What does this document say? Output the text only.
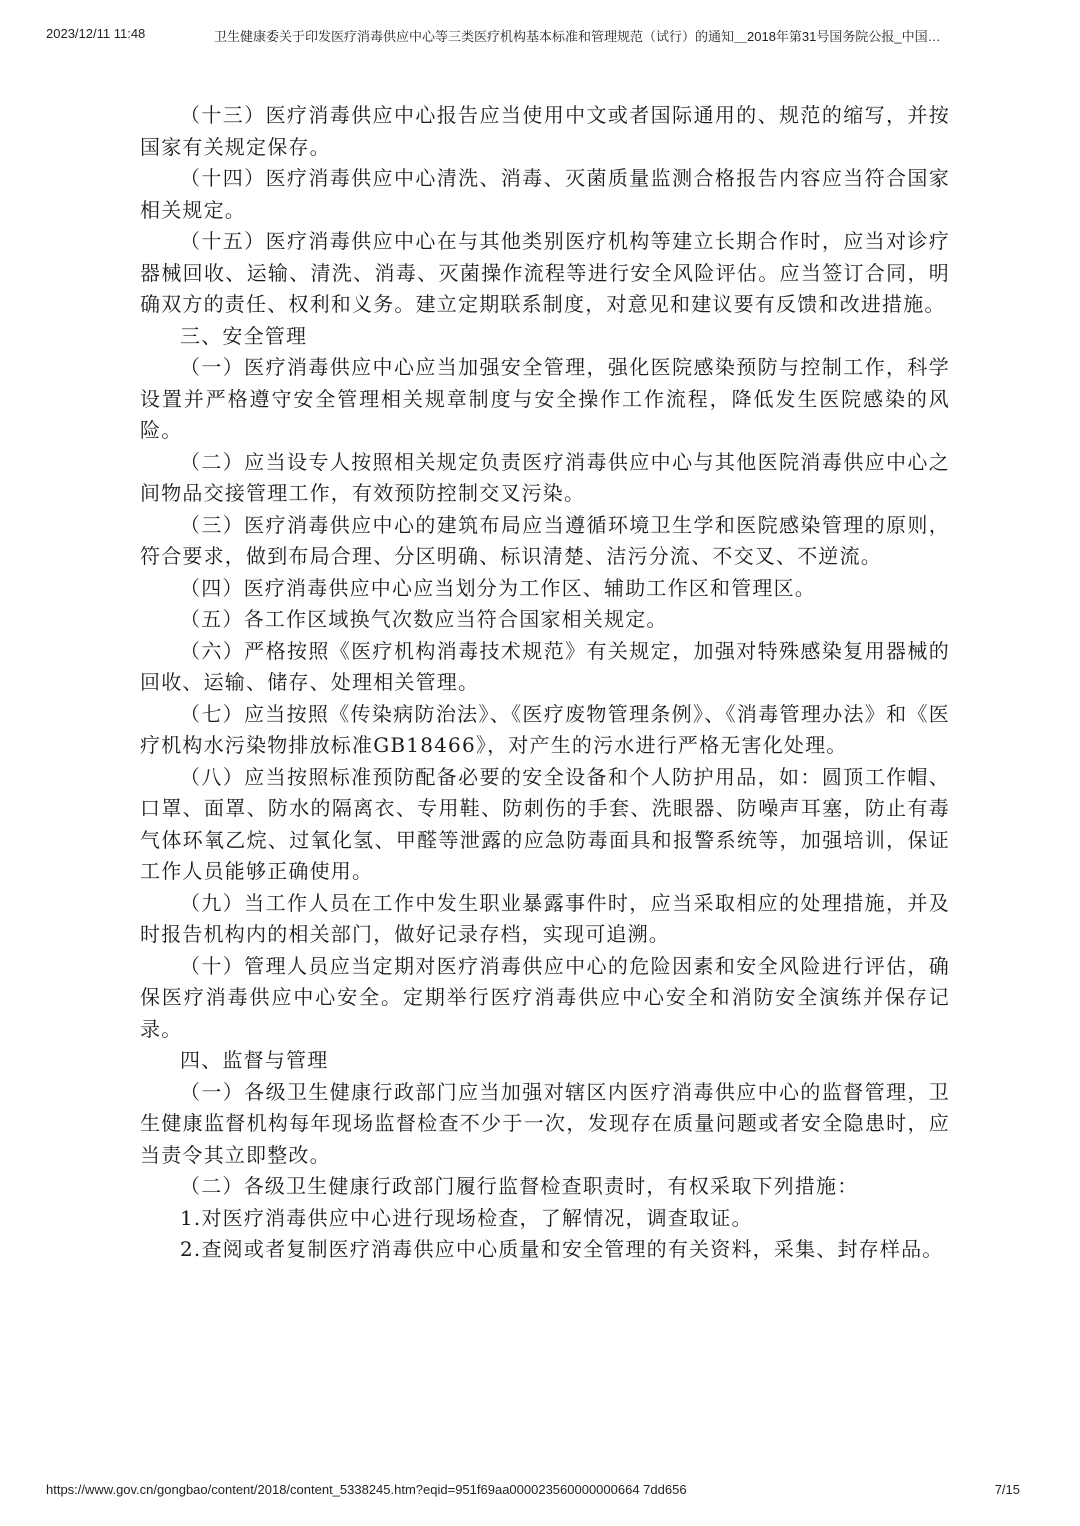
2023/12/11 11:48	卫生健康委关于印发医疗消毒供应中心等三类医疗机构基本标准和管理规范（试行）的通知＿2018年第31号国务院公报_中国…

（十三）医疗消毒供应中心报告应当使用中文或者国际通用的、规范的缩写，并按国家有关规定保存。

（十四）医疗消毒供应中心清洗、消毒、灭菌质量监测合格报告内容应当符合国家相关规定。

（十五）医疗消毒供应中心在与其他类别医疗机构等建立长期合作时，应当对诊疗器械回收、运输、清洗、消毒、灭菌操作流程等进行安全风险评估。应当签订合同，明确双方的责任、权利和义务。建立定期联系制度，对意见和建议要有反馈和改进措施。

三、安全管理

（一）医疗消毒供应中心应当加强安全管理，强化医院感染预防与控制工作，科学设置并严格遵守安全管理相关规章制度与安全操作工作流程，降低发生医院感染的风险。

（二）应当设专人按照相关规定负责医疗消毒供应中心与其他医院消毒供应中心之间物品交接管理工作，有效预防控制交叉污染。

（三）医疗消毒供应中心的建筑布局应当遵循环境卫生学和医院感染管理的原则，符合要求，做到布局合理、分区明确、标识清楚、洁污分流、不交叉、不逆流。

（四）医疗消毒供应中心应当划分为工作区、辅助工作区和管理区。

（五）各工作区域换气次数应当符合国家相关规定。

（六）严格按照《医疗机构消毒技术规范》有关规定，加强对特殊感染复用器械的回收、运输、储存、处理相关管理。

（七）应当按照《传染病防治法》、《医疗废物管理条例》、《消毒管理办法》和《医疗机构水污染物排放标准GB18466》，对产生的污水进行严格无害化处理。

（八）应当按照标准预防配备必要的安全设备和个人防护用品，如：圆顶工作帽、口罩、面罩、防水的隔离衣、专用鞋、防刺伤的手套、洗眼器、防噪声耳塞，防止有毒气体环氧乙烷、过氧化氢、甲醛等泄露的应急防毒面具和报警系统等，加强培训，保证工作人员能够正确使用。

（九）当工作人员在工作中发生职业暴露事件时，应当采取相应的处理措施，并及时报告机构内的相关部门，做好记录存档，实现可追溯。

（十）管理人员应当定期对医疗消毒供应中心的危险因素和安全风险进行评估，确保医疗消毒供应中心安全。定期举行医疗消毒供应中心安全和消防安全演练并保存记录。

四、监督与管理

（一）各级卫生健康行政部门应当加强对辖区内医疗消毒供应中心的监督管理，卫生健康监督机构每年现场监督检查不少于一次，发现存在质量问题或者安全隐患时，应当责令其立即整改。

（二）各级卫生健康行政部门履行监督检查职责时，有权采取下列措施：

1.对医疗消毒供应中心进行现场检查，了解情况，调查取证。

2.查阅或者复制医疗消毒供应中心质量和安全管理的有关资料，采集、封存样品。

https://www.gov.cn/gongbao/content/2018/content_5338245.htm?eqid=951f69aa000023560000000664 7dd656	7/15
